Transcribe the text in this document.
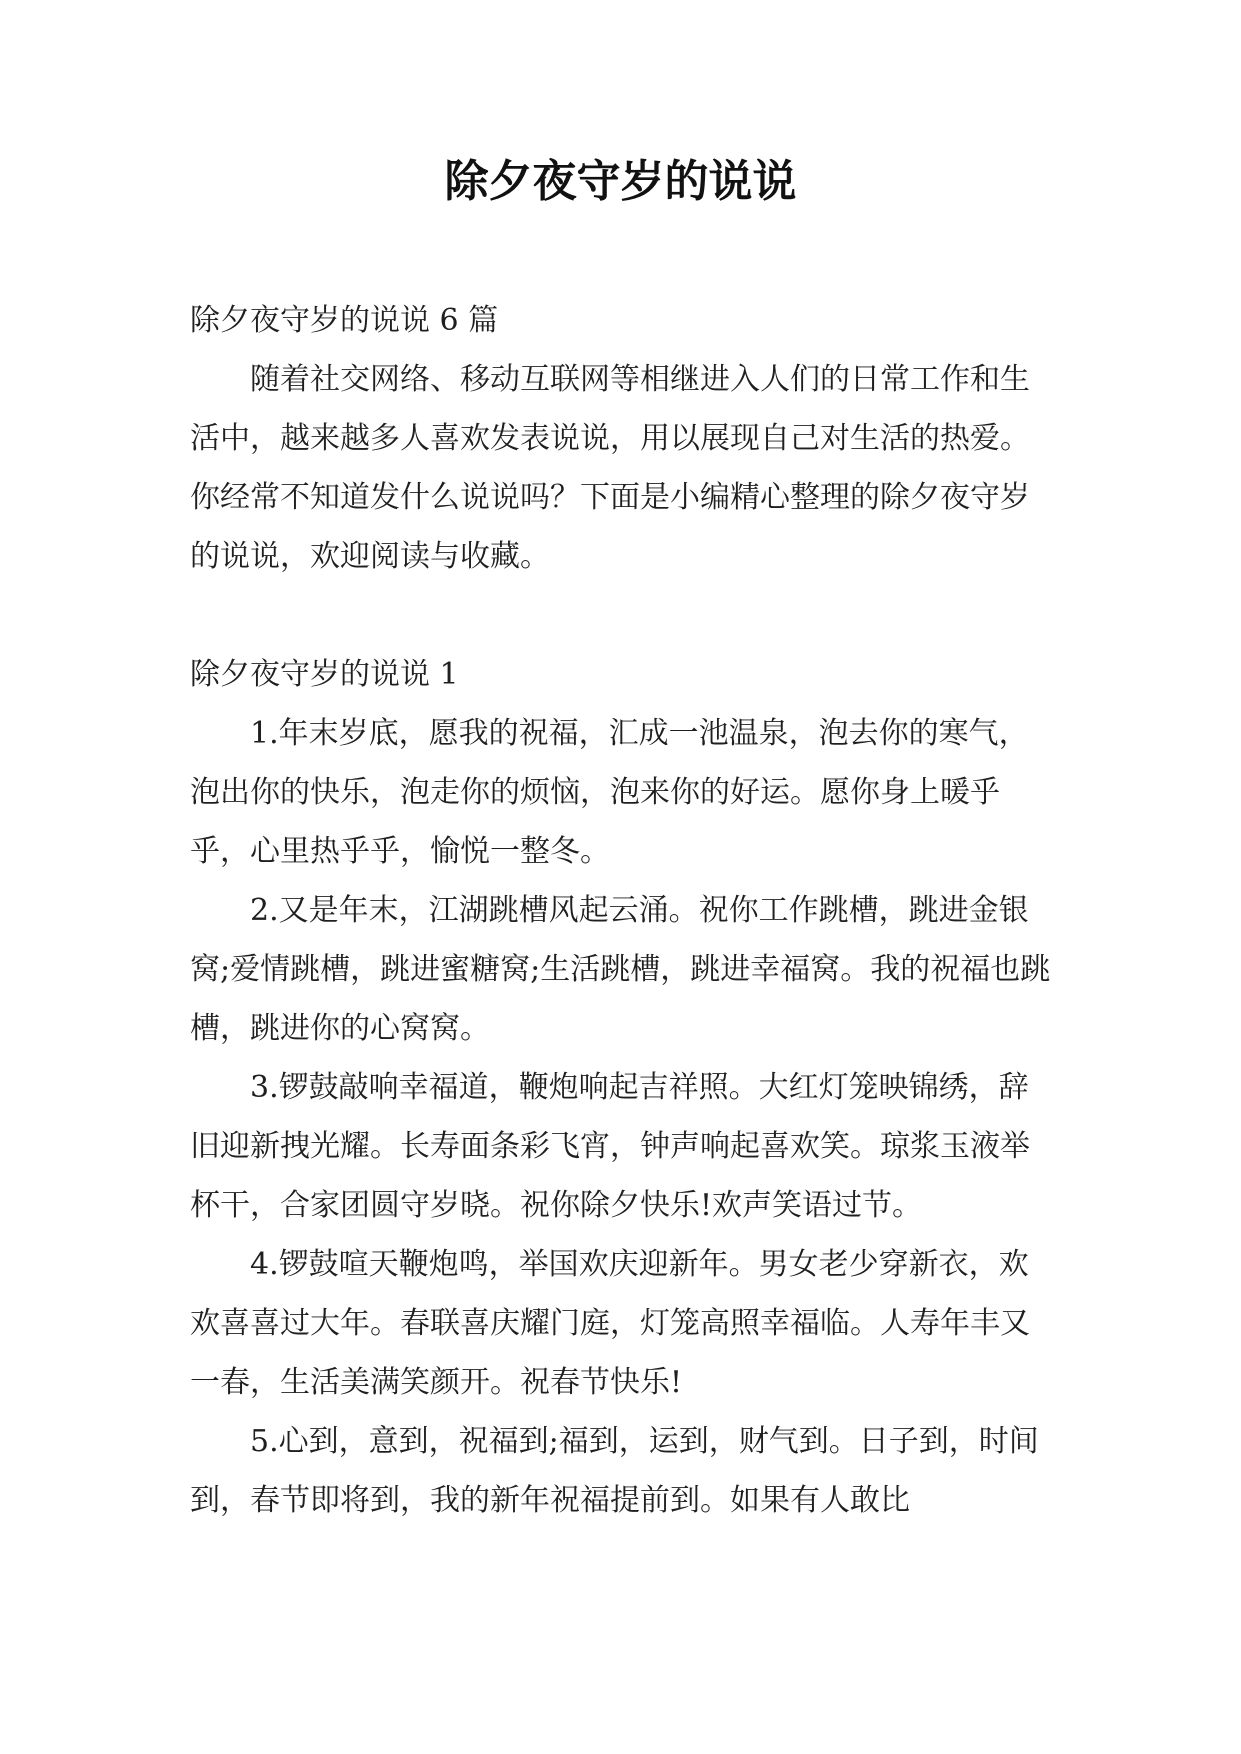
除夕夜守岁的说说

除夕夜守岁的说说 6 篇

随着社交网络、移动互联网等相继进入人们的日常工作和生活中，越来越多人喜欢发表说说，用以展现自己对生活的热爱。你经常不知道发什么说说吗？下面是小编精心整理的除夕夜守岁的说说，欢迎阅读与收藏。

除夕夜守岁的说说 1

1.年末岁底，愿我的祝福，汇成一池温泉，泡去你的寒气，泡出你的快乐，泡走你的烦恼，泡来你的好运。愿你身上暖乎乎，心里热乎乎，愉悦一整冬。

2.又是年末，江湖跳槽风起云涌。祝你工作跳槽，跳进金银窝;爱情跳槽，跳进蜜糖窝;生活跳槽，跳进幸福窝。我的祝福也跳槽，跳进你的心窝窝。

3.锣鼓敲响幸福道，鞭炮响起吉祥照。大红灯笼映锦绣，辞旧迎新拽光耀。长寿面条彩飞宵，钟声响起喜欢笑。琼浆玉液举杯干，合家团圆守岁晓。祝你除夕快乐!欢声笑语过节。

4.锣鼓喧天鞭炮鸣，举国欢庆迎新年。男女老少穿新衣，欢欢喜喜过大年。春联喜庆耀门庭，灯笼高照幸福临。人寿年丰又一春，生活美满笑颜开。祝春节快乐!

5.心到，意到，祝福到;福到，运到，财气到。日子到，时间到，春节即将到，我的新年祝福提前到。如果有人敢比
